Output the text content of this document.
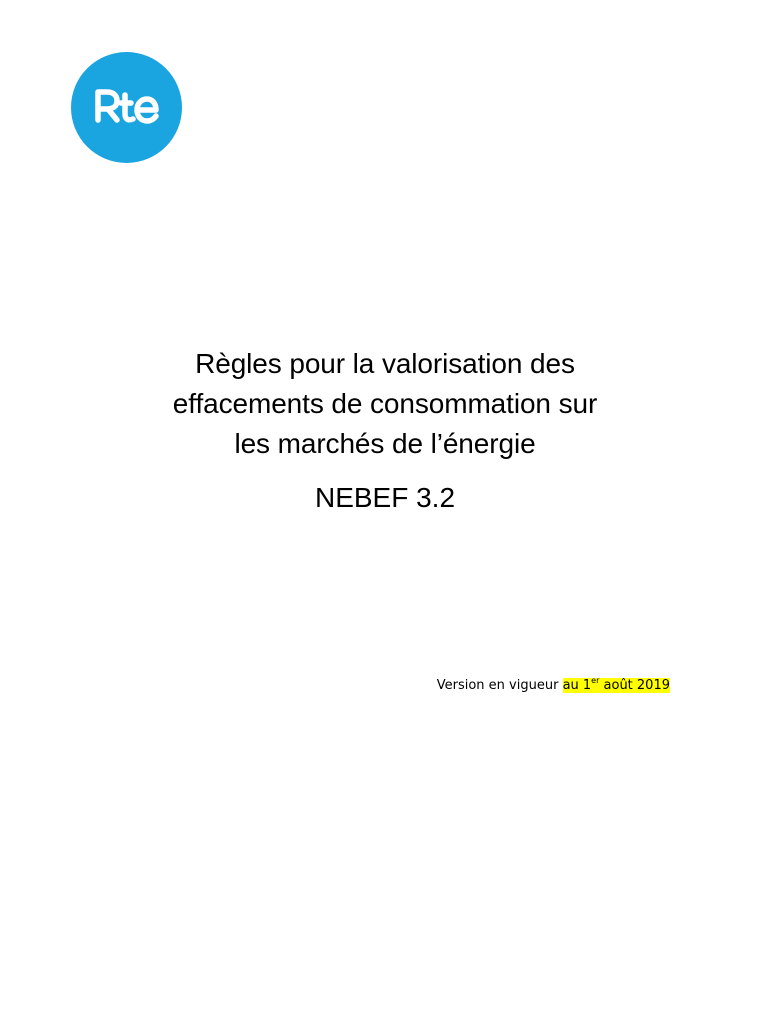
Règles pour la valorisation des
effacements de consommation sur
les marchés de l’énergie
NEBEF 3.2
Version en vigueur au 1er août 2019
